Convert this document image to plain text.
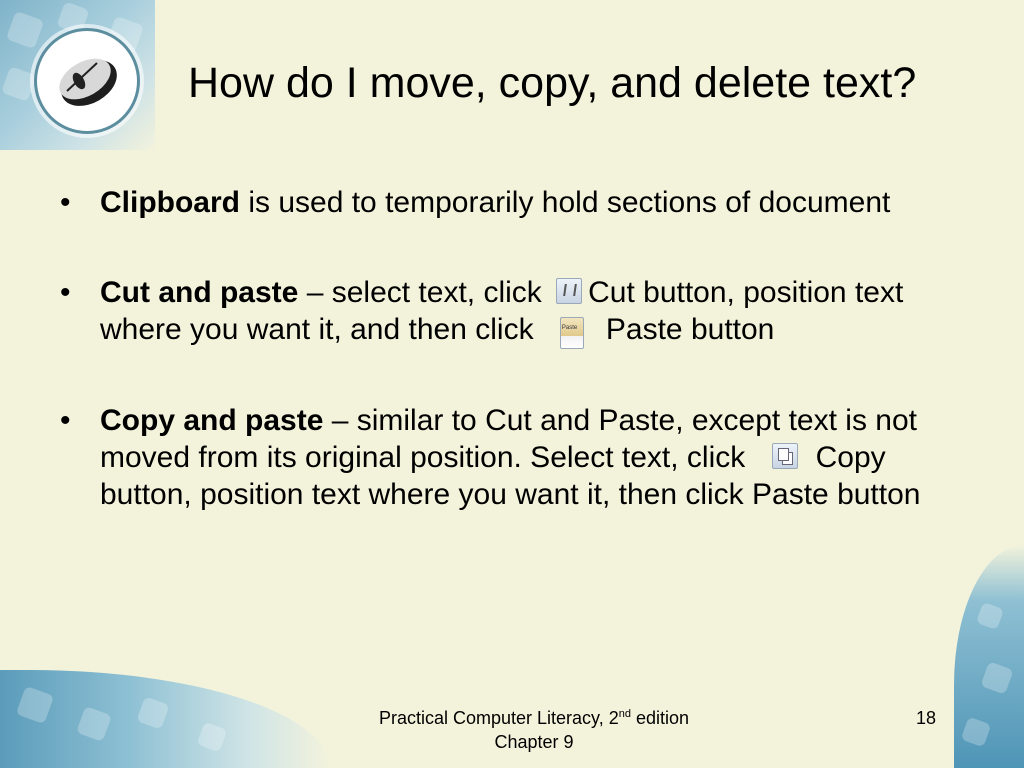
How do I move, copy, and delete text?
• Clipboard is used to temporarily hold sections of document
• Cut and paste – select text, click Cut button, position text where you want it, and then click PastePaste button
• Copy and paste – similar to Cut and Paste, except text is not moved from its original position. Select text, click Copy button, position text where you want it, then click Paste button
Practical Computer Literacy, 2nd edition
Chapter 9
18
